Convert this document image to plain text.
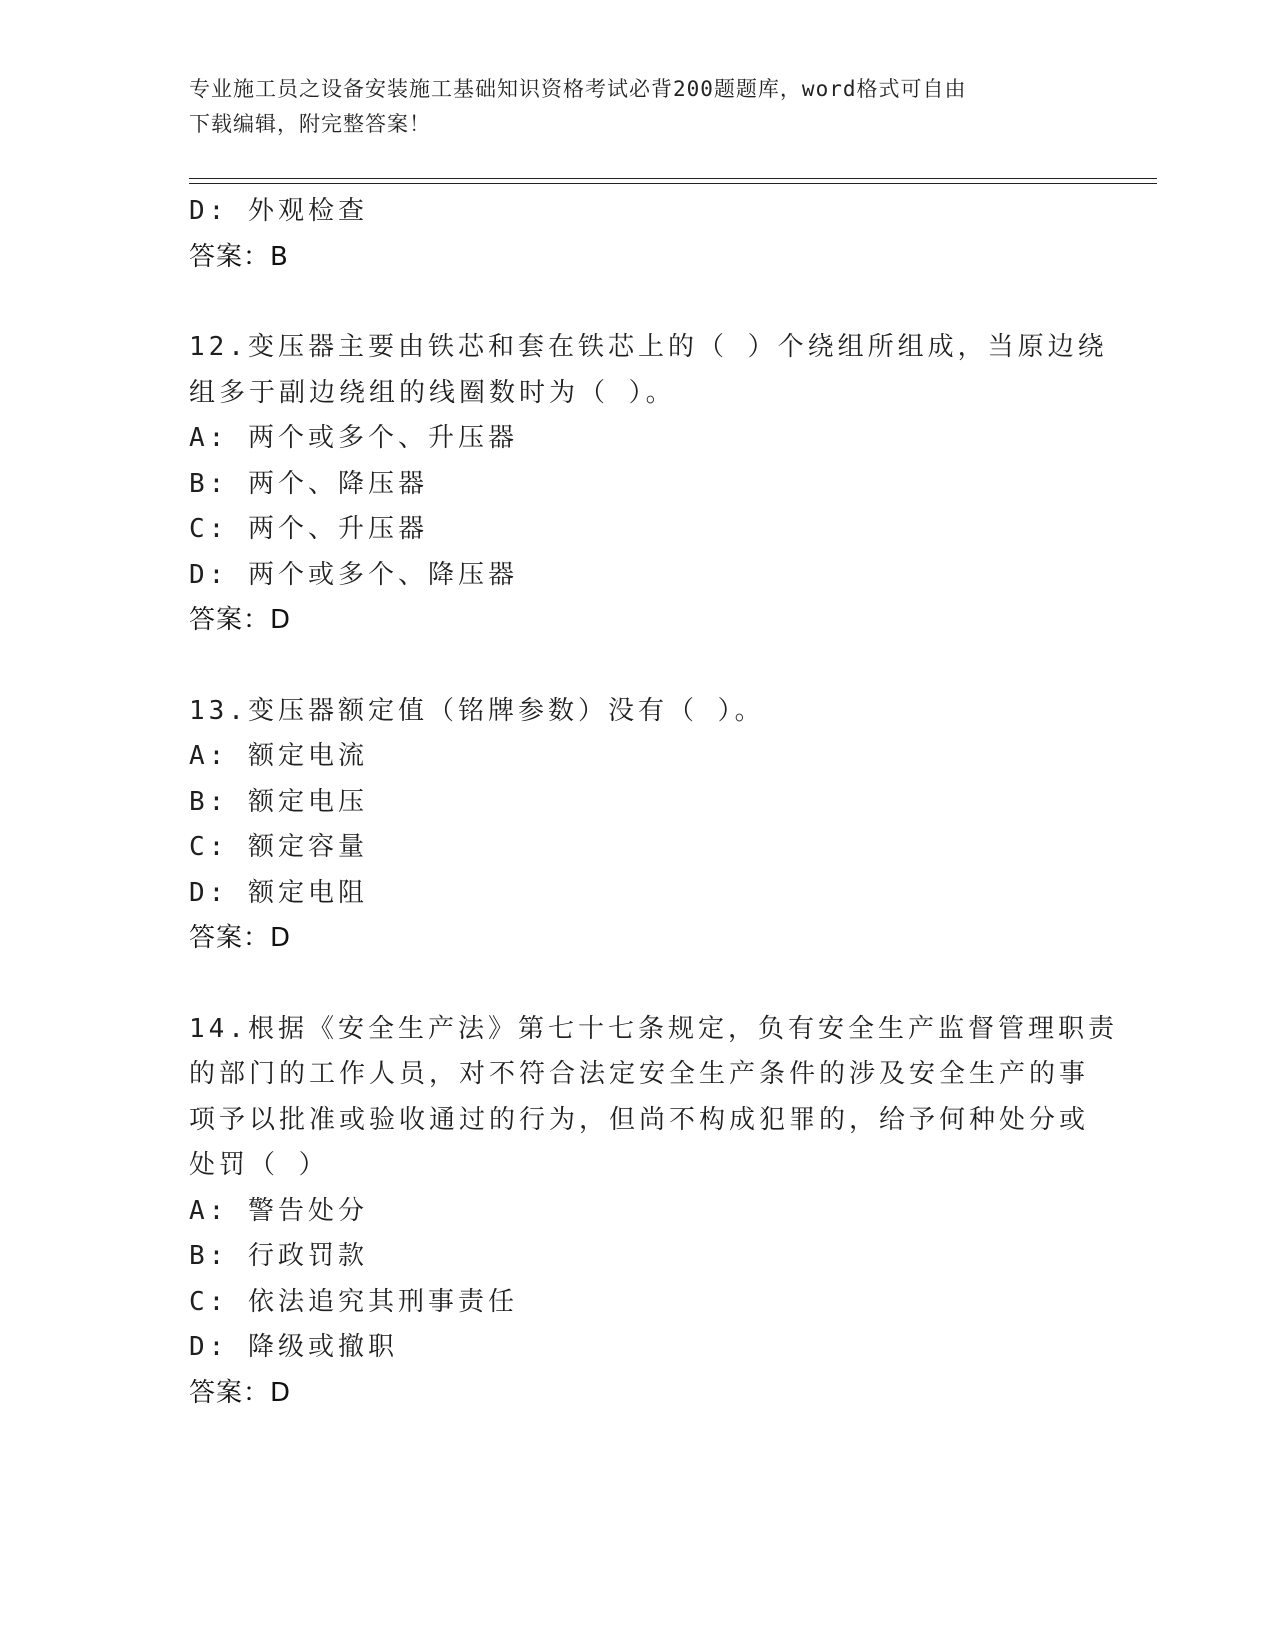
专业施工员之设备安装施工基础知识资格考试必背200题题库，word格式可自由
下载编辑，附完整答案！
D: 外观检查
答案：B
12.变压器主要由铁芯和套在铁芯上的（ ）个绕组所组成，当原边绕
组多于副边绕组的线圈数时为（ ）。
A: 两个或多个、升压器
B: 两个、降压器
C: 两个、升压器
D: 两个或多个、降压器
答案：D
13.变压器额定值（铭牌参数）没有（ ）。
A: 额定电流
B: 额定电压
C: 额定容量
D: 额定电阻
答案：D
14.根据《安全生产法》第七十七条规定，负有安全生产监督管理职责
的部门的工作人员，对不符合法定安全生产条件的涉及安全生产的事
项予以批准或验收通过的行为，但尚不构成犯罪的，给予何种处分或
处罚（ ）
A: 警告处分
B: 行政罚款
C: 依法追究其刑事责任
D: 降级或撤职
答案：D
